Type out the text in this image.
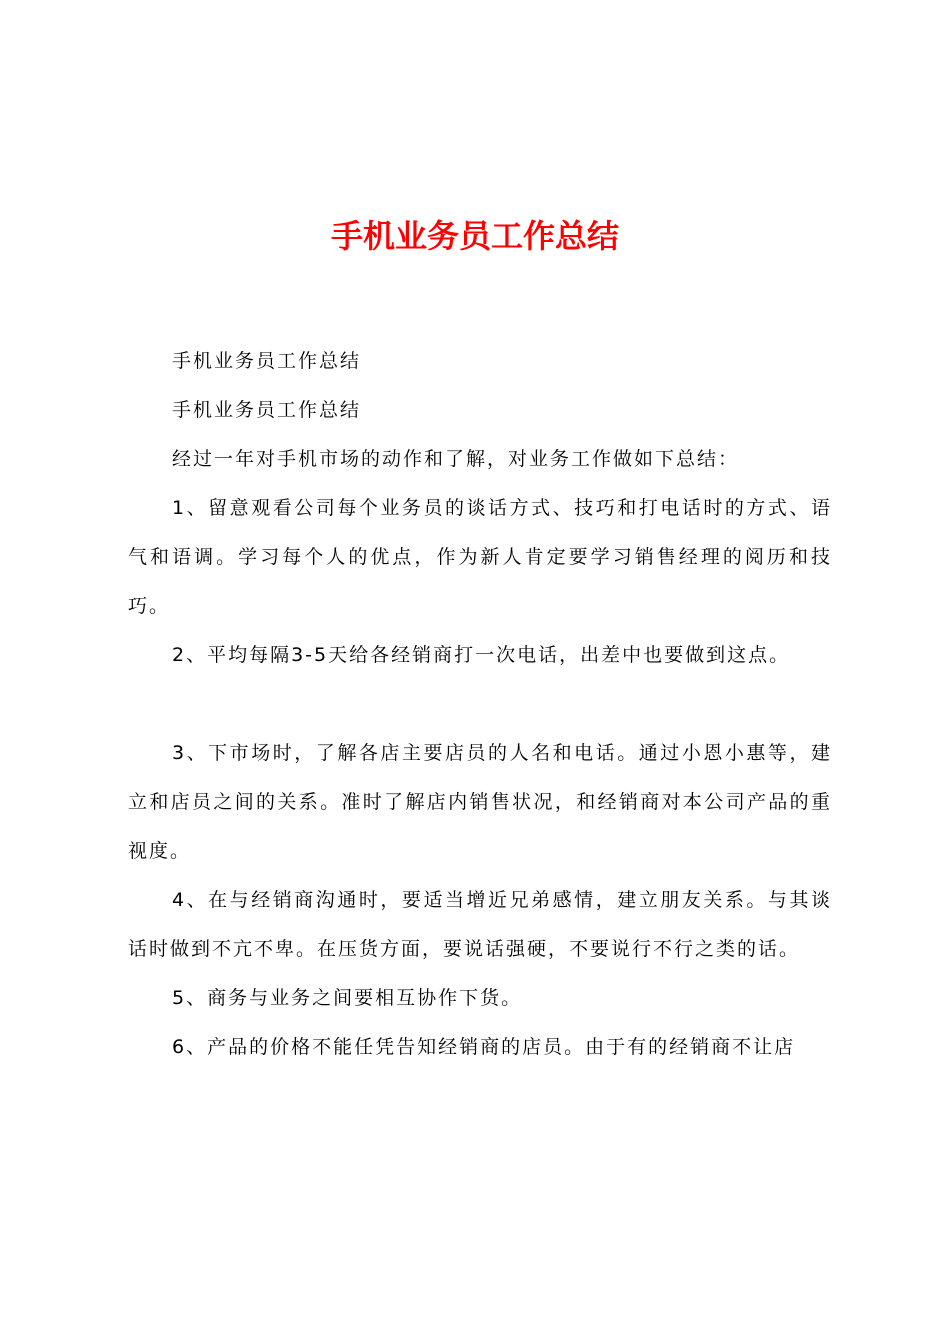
手机业务员工作总结

手机业务员工作总结

手机业务员工作总结

经过一年对手机市场的动作和了解，对业务工作做如下总结：

1、留意观看公司每个业务员的谈话方式、技巧和打电话时的方式、语气和语调。学习每个人的优点，作为新人肯定要学习销售经理的阅历和技巧。

2、平均每隔3-5天给各经销商打一次电话，出差中也要做到这点。

3、下市场时，了解各店主要店员的人名和电话。通过小恩小惠等，建立和店员之间的关系。准时了解店内销售状况，和经销商对本公司产品的重视度。

4、在与经销商沟通时，要适当增近兄弟感情，建立朋友关系。与其谈话时做到不亢不卑。在压货方面，要说话强硬，不要说行不行之类的话。

5、商务与业务之间要相互协作下货。

6、产品的价格不能任凭告知经销商的店员。由于有的经销商不让店
